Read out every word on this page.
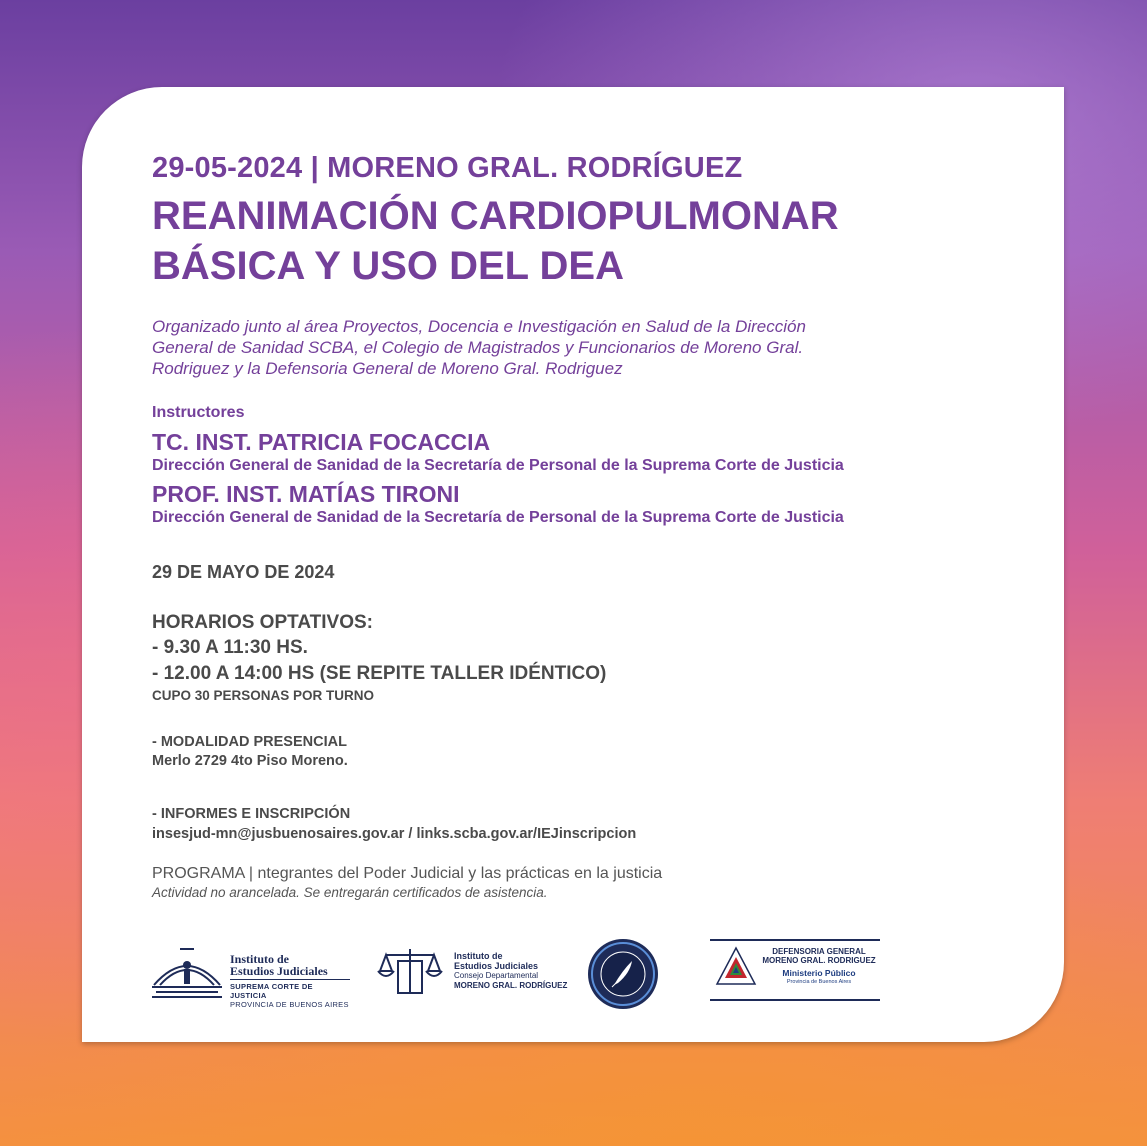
29-05-2024 | MORENO GRAL. RODRÍGUEZ
REANIMACIÓN CARDIOPULMONAR
BÁSICA Y USO DEL DEA
Organizado junto al área Proyectos, Docencia e Investigación en Salud de la Dirección
General de Sanidad SCBA, el Colegio de Magistrados y Funcionarios de Moreno Gral.
Rodriguez y la Defensoria General de Moreno Gral. Rodriguez
Instructores
TC. INST. PATRICIA FOCACCIA
Dirección General de Sanidad de la Secretaría de Personal de la Suprema Corte de Justicia
PROF. INST. MATÍAS TIRONI
Dirección General de Sanidad de la Secretaría de Personal de la Suprema Corte de Justicia
29 DE MAYO DE 2024
HORARIOS OPTATIVOS:
- 9.30 A 11:30 HS.
- 12.00 A 14:00 HS (SE REPITE TALLER IDÉNTICO)
CUPO 30 PERSONAS POR TURNO
- MODALIDAD PRESENCIAL
Merlo 2729 4to Piso Moreno.
- INFORMES E INSCRIPCIÓN
insesjud-mn@jusbuenosaires.gov.ar / links.scba.gov.ar/IEJinscripcion
PROGRAMA | ntegrantes del Poder Judicial y las prácticas en la justicia
Actividad no arancelada. Se entregarán certificados de asistencia.
Instituto de
Estudios Judiciales
SUPREMA CORTE DE JUSTICIA
PROVINCIA DE BUENOS AIRES
Instituto de
Estudios Judiciales
Consejo Departamental
MORENO GRAL. RODRÍGUEZ
DEFENSORIA GENERAL
MORENO GRAL. RODRIGUEZ
Ministerio Público
Provincia de Buenos Aires
